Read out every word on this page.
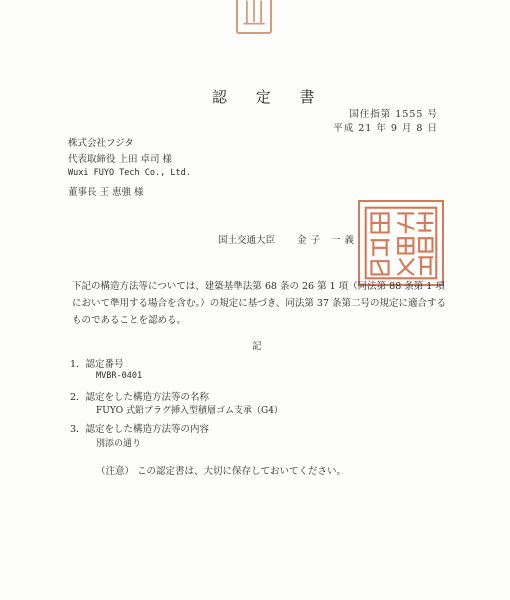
認 定 書
国住指第 1555 号
平成 21 年 9 月 8 日
株式会社フジタ
代表取締役 上田 卓司 様
Wuxi FUYO Tech Co., Ltd.
董事長 王 恵強 様
国土交通大臣 金子 一義

下記の構造方法等については、建築基準法第 68 条の 26 第 1 項（同法第 88 条第 1 項

において準用する場合を含む。）の規定に基づき、同法第 37 条第二号の規定に適合する

ものであることを認める。

記
1．認定番号
MVBR-0401
2．認定をした構造方法等の名称
FUYO 式鉛プラグ挿入型積層ゴム支承（G4）
3．認定をした構造方法等の内容
別添の通り
（注意） この認定書は、大切に保存しておいてください。
